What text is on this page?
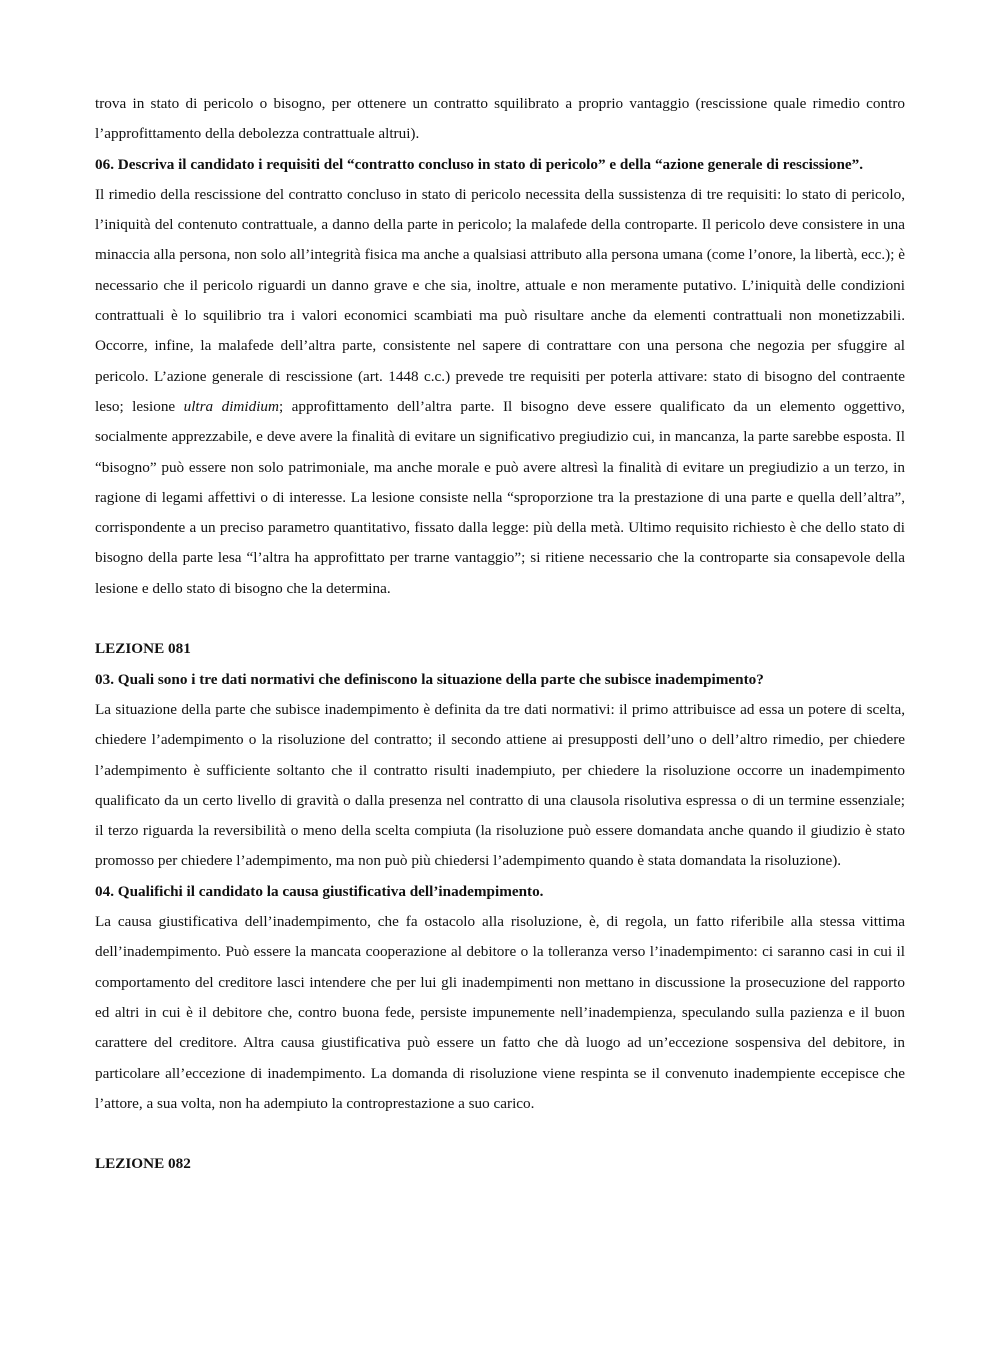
trova in stato di pericolo o bisogno, per ottenere un contratto squilibrato a proprio vantaggio (rescissione quale rimedio contro l’approfittamento della debolezza contrattuale altrui).

06. Descriva il candidato i requisiti del “contratto concluso in stato di pericolo” e della “azione generale di rescissione”.

Il rimedio della rescissione del contratto concluso in stato di pericolo necessita della sussistenza di tre requisiti: lo stato di pericolo, l’iniquità del contenuto contrattuale, a danno della parte in pericolo; la malafede della controparte. Il pericolo deve consistere in una minaccia alla persona, non solo all’integrità fisica ma anche a qualsiasi attributo alla persona umana (come l’onore, la libertà, ecc.); è necessario che il pericolo riguardi un danno grave e che sia, inoltre, attuale e non meramente putativo. L’iniquità delle condizioni contrattuali è lo squilibrio tra i valori economici scambiati ma può risultare anche da elementi contrattuali non monetizzabili. Occorre, infine, la malafede dell’altra parte, consistente nel sapere di contrattare con una persona che negozia per sfuggire al pericolo. L’azione generale di rescissione (art. 1448 c.c.) prevede tre requisiti per poterla attivare: stato di bisogno del contraente leso; lesione ultra dimidium; approfittamento dell’altra parte. Il bisogno deve essere qualificato da un elemento oggettivo, socialmente apprezzabile, e deve avere la finalità di evitare un significativo pregiudizio cui, in mancanza, la parte sarebbe esposta. Il “bisogno” può essere non solo patrimoniale, ma anche morale e può avere altresì la finalità di evitare un pregiudizio a un terzo, in ragione di legami affettivi o di interesse. La lesione consiste nella “sproporzione tra la prestazione di una parte e quella dell’altra”, corrispondente a un preciso parametro quantitativo, fissato dalla legge: più della metà. Ultimo requisito richiesto è che dello stato di bisogno della parte lesa “l’altra ha approfittato per trarne vantaggio”; si ritiene necessario che la controparte sia consapevole della lesione e dello stato di bisogno che la determina.

LEZIONE 081

03. Quali sono i tre dati normativi che definiscono la situazione della parte che subisce inadempimento?

La situazione della parte che subisce inadempimento è definita da tre dati normativi: il primo attribuisce ad essa un potere di scelta, chiedere l’adempimento o la risoluzione del contratto; il secondo attiene ai presupposti dell’uno o dell’altro rimedio, per chiedere l’adempimento è sufficiente soltanto che il contratto risulti inadempiuto, per chiedere la risoluzione occorre un inadempimento qualificato da un certo livello di gravità o dalla presenza nel contratto di una clausola risolutiva espressa o di un termine essenziale; il terzo riguarda la reversibilità o meno della scelta compiuta (la risoluzione può essere domandata anche quando il giudizio è stato promosso per chiedere l’adempimento, ma non può più chiedersi l’adempimento quando è stata domandata la risoluzione).

04. Qualifichi il candidato la causa giustificativa dell’inadempimento.

La causa giustificativa dell’inadempimento, che fa ostacolo alla risoluzione, è, di regola, un fatto riferibile alla stessa vittima dell’inadempimento. Può essere la mancata cooperazione al debitore o la tolleranza verso l’inadempimento: ci saranno casi in cui il comportamento del creditore lasci intendere che per lui gli inadempimenti non mettano in discussione la prosecuzione del rapporto ed altri in cui è il debitore che, contro buona fede, persiste impunemente nell’inadempienza, speculando sulla pazienza e il buon carattere del creditore. Altra causa giustificativa può essere un fatto che dà luogo ad un’eccezione sospensiva del debitore, in particolare all’eccezione di inadempimento. La domanda di risoluzione viene respinta se il convenuto inadempiente eccepisce che l’attore, a sua volta, non ha adempiuto la controprestazione a suo carico.

LEZIONE 082
